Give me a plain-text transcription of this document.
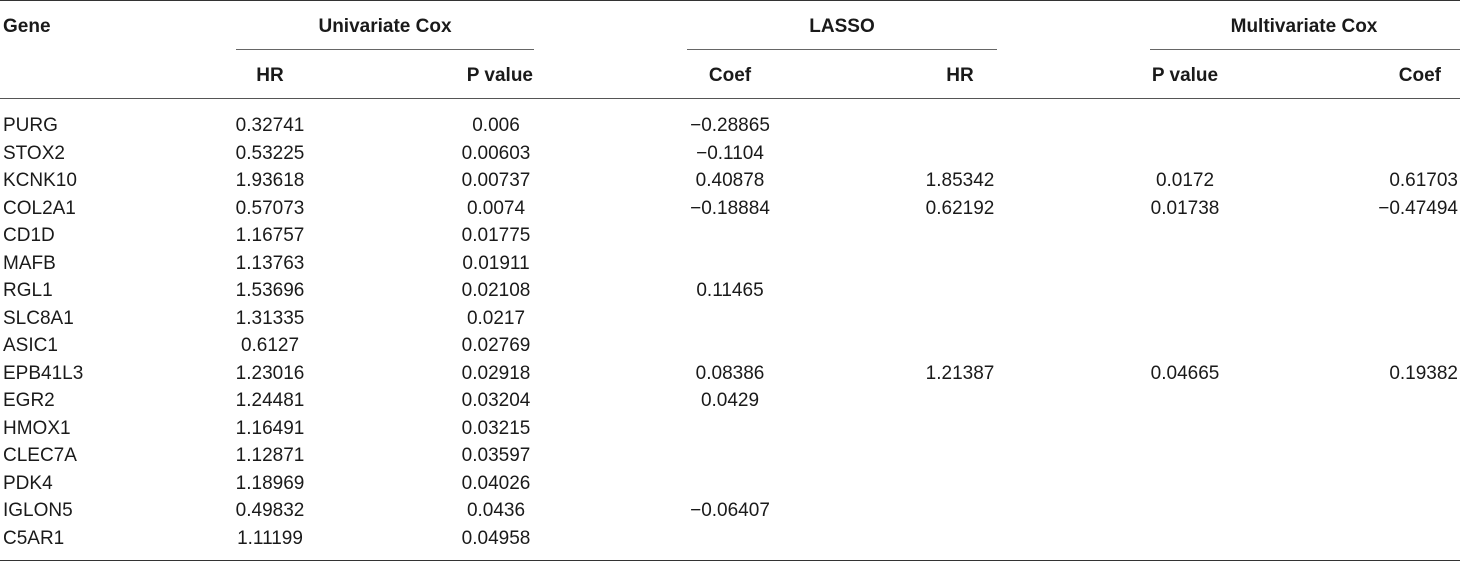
Gene	Univariate Cox	LASSO	Multivariate Cox
HR	P value	Coef	HR	P value	Coef
PURG	0.32741	0.006	−0.28865
STOX2	0.53225	0.00603	−0.1104
KCNK10	1.93618	0.00737	0.40878	1.85342	0.0172	0.61703
COL2A1	0.57073	0.0074	−0.18884	0.62192	0.01738	−0.47494
CD1D	1.16757	0.01775
MAFB	1.13763	0.01911
RGL1	1.53696	0.02108	0.11465
SLC8A1	1.31335	0.0217
ASIC1	0.6127	0.02769
EPB41L3	1.23016	0.02918	0.08386	1.21387	0.04665	0.19382
EGR2	1.24481	0.03204	0.0429
HMOX1	1.16491	0.03215
CLEC7A	1.12871	0.03597
PDK4	1.18969	0.04026
IGLON5	0.49832	0.0436	−0.06407
C5AR1	1.11199	0.04958
